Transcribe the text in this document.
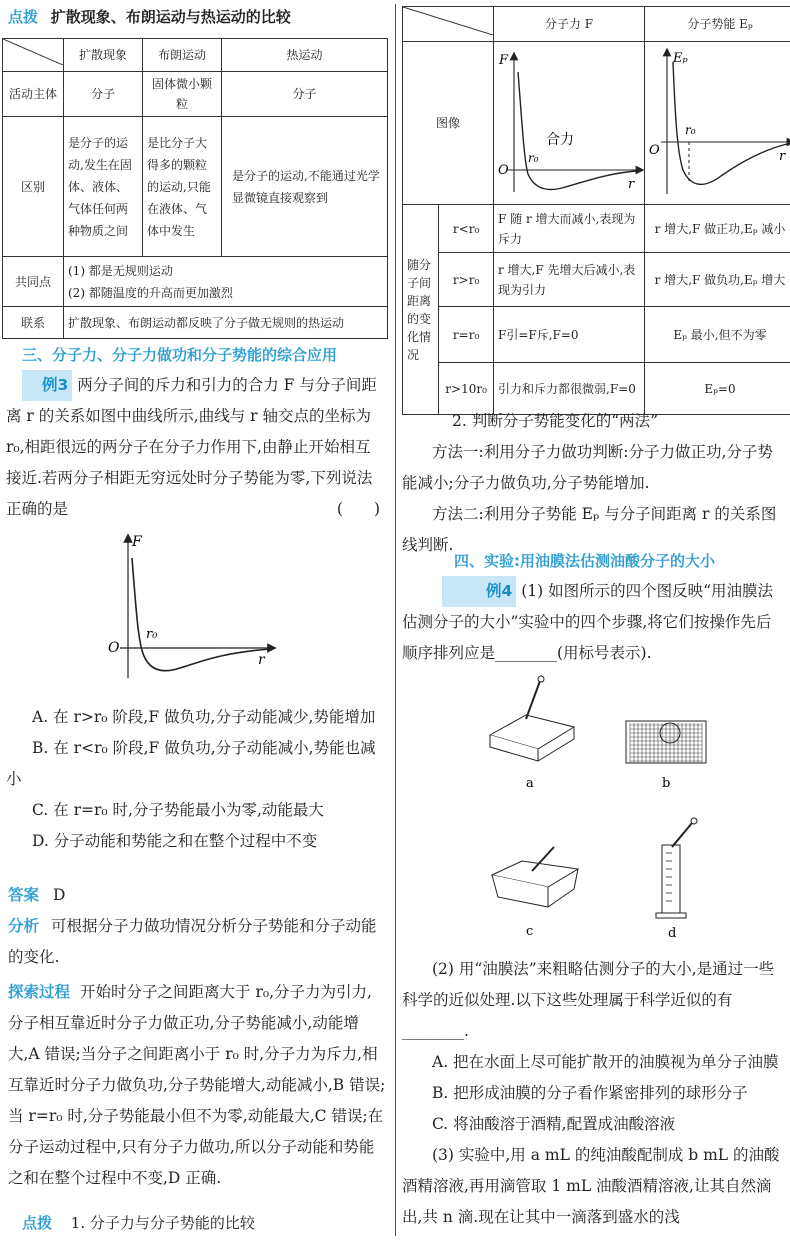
点拨 扩散现象、布朗运动与热运动的比较
	扩散现象	布朗运动	热运动
活动主体	分子	固体微小颗粒	分子
区别	是分子的运动,发生在固体、液体、气体任何两种物质之间	是比分子大得多的颗粒的运动,只能在液体、气体中发生	是分子的运动,不能通过光学显微镜直接观察到
共同点	(1) 都是无规则运动
(2) 都随温度的升高而更加激烈		

联系	扩散现象、布朗运动都反映了分子做无规则的热运动		
三、分子力、分子力做功和分子势能的综合应用

例3 两分子间的斥力和引力的合力 F 与分子间距离 r 的关系如图中曲线所示,曲线与 r 轴交点的坐标为 r₀,相距很远的两分子在分子力作用下,由静止开始相互接近.若两分子相距无穷远处时分子势能为零,下列说法正确的是	(　　)

F
O
r₀
r

A. 在 r>r₀ 阶段,F 做负功,分子动能减少,势能增加

B. 在 r<r₀ 阶段,F 做负功,分子动能减小,势能也减小

C. 在 r=r₀ 时,分子势能最小为零,动能最大

D. 分子动能和势能之和在整个过程中不变

答案 D

分析 可根据分子力做功情况分析分子势能和分子动能的变化.

探索过程 开始时分子之间距离大于 r₀,分子力为引力,分子相互靠近时分子力做正功,分子势能减小,动能增大,A 错误;当分子之间距离小于 r₀ 时,分子力为斥力,相互靠近时分子力做负功,分子势能增大,动能减小,B 错误;当 r=r₀ 时,分子势能最小但不为零,动能最大,C 错误;在分子运动过程中,只有分子力做功,所以分子动能和势能之和在整个过程中不变,D 正确.

点拨 1. 分子力与分子势能的比较
	分子力 F	分子势能 Eₚ
图像		F
O
r₀
r
合力	Eₚ
O
r₀
r

随分子间距离的变化情况	r<r₀	F 随 r 增大而减小,表现为斥力	r 增大,F 做正功,Eₚ 减小
	r>r₀	r 增大,F 先增大后减小,表现为引力	r 增大,F 做负功,Eₚ 增大
	r=r₀	F引=F斥,F=0	Eₚ 最小,但不为零
	r>10r₀	引力和斥力都很微弱,F=0	Eₚ=0

2. 判断分子势能变化的“两法”

方法一:利用分子力做功判断:分子力做正功,分子势能减小;分子力做负功,分子势能增加.

方法二:利用分子势能 Eₚ 与分子间距离 r 的关系图线判断.

四、实验:用油膜法估测油酸分子的大小

例4 (1) 如图所示的四个图反映“用油膜法估测分子的大小”实验中的四个步骤,将它们按操作先后顺序排列应是________(用标号表示).

a	b
c	d

(2) 用“油膜法”来粗略估测分子的大小,是通过一些科学的近似处理.以下这些处理属于科学近似的有________.

A. 把在水面上尽可能扩散开的油膜视为单分子油膜

B. 把形成油膜的分子看作紧密排列的球形分子

C. 将油酸溶于酒精,配置成油酸溶液

(3) 实验中,用 a mL 的纯油酸配制成 b mL 的油酸酒精溶液,再用滴管取 1 mL 油酸酒精溶液,让其自然滴出,共 n 滴.现在让其中一滴落到盛水的浅
